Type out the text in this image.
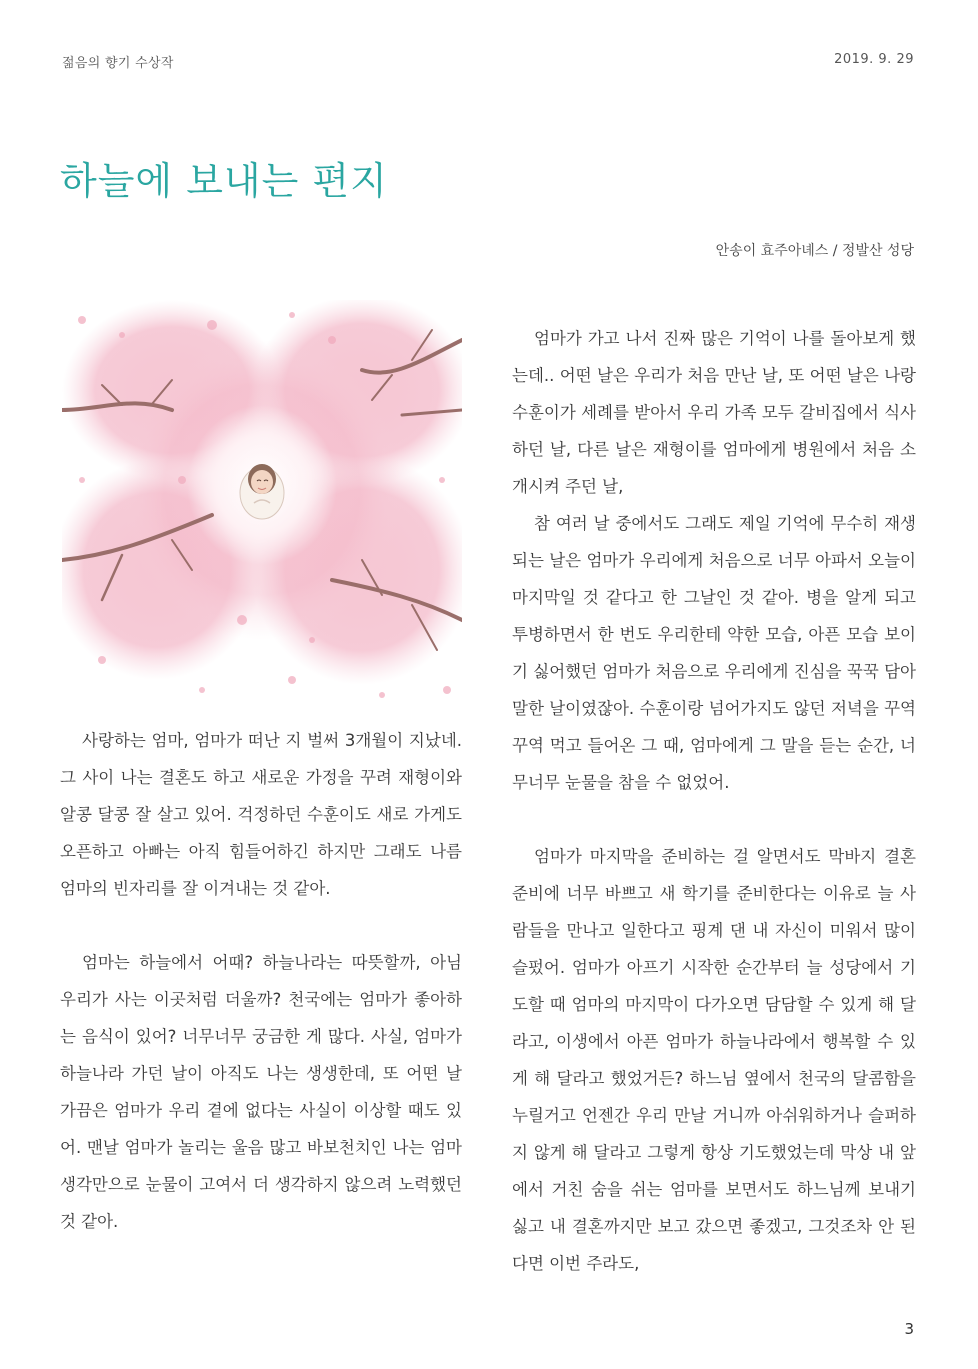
젊음의 향기 수상작	2019. 9. 29
하늘에 보내는 편지
안송이 효주아녜스 / 정발산 성당

사랑하는 엄마, 엄마가 떠난 지 벌써 3개월이 지났네. 그 사이 나는 결혼도 하고 새로운 가정을 꾸려 재형이와 알콩 달콩 잘 살고 있어. 걱정하던 수훈이도 새로 가게도 오픈하고 아빠는 아직 힘들어하긴 하지만 그래도 나름 엄마의 빈자리를 잘 이겨내는 것 같아.

엄마는 하늘에서 어때? 하늘나라는 따뜻할까, 아님 우리가 사는 이곳처럼 더울까? 천국에는 엄마가 좋아하는 음식이 있어? 너무너무 궁금한 게 많다. 사실, 엄마가 하늘나라 가던 날이 아직도 나는 생생한데, 또 어떤 날 가끔은 엄마가 우리 곁에 없다는 사실이 이상할 때도 있어. 맨날 엄마가 놀리는 울음 많고 바보천치인 나는 엄마 생각만으로 눈물이 고여서 더 생각하지 않으려 노력했던 것 같아.

엄마가 가고 나서 진짜 많은 기억이 나를 돌아보게 했는데.. 어떤 날은 우리가 처음 만난 날, 또 어떤 날은 나랑 수훈이가 세례를 받아서 우리 가족 모두 갈비집에서 식사하던 날, 다른 날은 재형이를 엄마에게 병원에서 처음 소개시켜 주던 날,

참 여러 날 중에서도 그래도 제일 기억에 무수히 재생되는 날은 엄마가 우리에게 처음으로 너무 아파서 오늘이 마지막일 것 같다고 한 그날인 것 같아. 병을 알게 되고 투병하면서 한 번도 우리한테 약한 모습, 아픈 모습 보이기 싫어했던 엄마가 처음으로 우리에게 진심을 꾹꾹 담아 말한 날이였잖아. 수훈이랑 넘어가지도 않던 저녁을 꾸역꾸역 먹고 들어온 그 때, 엄마에게 그 말을 듣는 순간, 너무너무 눈물을 참을 수 없었어.

엄마가 마지막을 준비하는 걸 알면서도 막바지 결혼준비에 너무 바쁘고 새 학기를 준비한다는 이유로 늘 사람들을 만나고 일한다고 핑계 댄 내 자신이 미워서 많이 슬펐어. 엄마가 아프기 시작한 순간부터 늘 성당에서 기도할 때 엄마의 마지막이 다가오면 담담할 수 있게 해 달라고, 이생에서 아픈 엄마가 하늘나라에서 행복할 수 있게 해 달라고 했었거든? 하느님 옆에서 천국의 달콤함을 누릴거고 언젠간 우리 만날 거니까 아쉬워하거나 슬퍼하지 않게 해 달라고 그렇게 항상 기도했었는데 막상 내 앞에서 거친 숨을 쉬는 엄마를 보면서도 하느님께 보내기 싫고 내 결혼까지만 보고 갔으면 좋겠고, 그것조차 안 된다면 이번 주라도,

3
